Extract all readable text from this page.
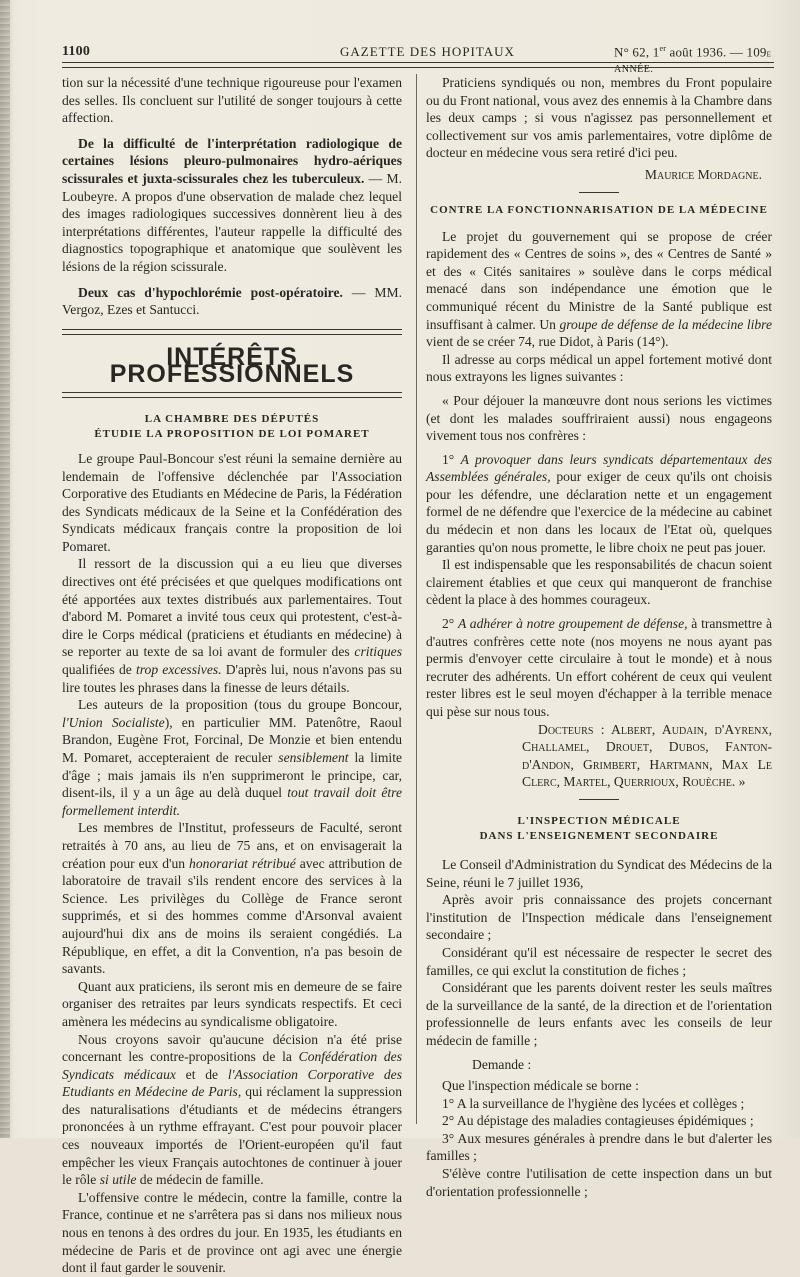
1100	GAZETTE DES HOPITAUX	N° 62, 1er août 1936. — 109e ANNÉE.

tion sur la nécessité d'une technique rigoureuse pour l'examen des selles. Ils concluent sur l'utilité de songer toujours à cette affection.

De la difficulté de l'interprétation radiologique de certaines lésions pleuro-pulmonaires hydro-aériques scissurales et juxta-scissurales chez les tuberculeux. — M. Loubeyre. A propos d'une observation de malade chez lequel des images radiologiques successives donnèrent lieu à des interprétations différentes, l'auteur rappelle la difficulté des diagnostics topographique et anatomique que soulèvent les lésions de la région scissurale.

Deux cas d'hypochlorémie post-opératoire. — MM. Vergoz, Ezes et Santucci.

INTÉRÊTS PROFESSIONNELS
LA CHAMBRE DES DÉPUTÉS
ÉTUDIE LA PROPOSITION DE LOI POMARET

Le groupe Paul-Boncour s'est réuni la semaine dernière au lendemain de l'offensive déclenchée par l'Association Corporative des Etudiants en Médecine de Paris, la Fédération des Syndicats médicaux de la Seine et la Confédération des Syndicats médicaux français contre la proposition de loi Pomaret.

Il ressort de la discussion qui a eu lieu que diverses directives ont été précisées et que quelques modifications ont été apportées aux textes distribués aux parlementaires. Tout d'abord M. Pomaret a invité tous ceux qui protestent, c'est-à-dire le Corps médical (praticiens et étudiants en médecine) à se reporter au texte de sa loi avant de formuler des critiques qualifiées de trop excessives. D'après lui, nous n'avons pas su lire toutes les phrases dans la finesse de leurs détails.

Les auteurs de la proposition (tous du groupe Boncour, l'Union Socialiste), en particulier MM. Patenôtre, Raoul Brandon, Eugène Frot, Forcinal, De Monzie et bien entendu M. Pomaret, accepteraient de reculer sensiblement la limite d'âge ; mais jamais ils n'en supprimeront le principe, car, disent-ils, il y a un âge au delà duquel tout travail doit être formellement interdit.

Les membres de l'Institut, professeurs de Faculté, seront retraités à 70 ans, au lieu de 75 ans, et on envisagerait la création pour eux d'un honorariat rétribué avec attribution de laboratoire de travail s'ils rendent encore des services à la Science. Les privilèges du Collège de France seront supprimés, et si des hommes comme d'Arsonval avaient aujourd'hui dix ans de moins ils seraient congédiés. La République, en effet, a dit la Convention, n'a pas besoin de savants.

Quant aux praticiens, ils seront mis en demeure de se faire organiser des retraites par leurs syndicats respectifs. Et ceci amènera les médecins au syndicalisme obligatoire.

Nous croyons savoir qu'aucune décision n'a été prise concernant les contre-propositions de la Confédération des Syndicats médicaux et de l'Association Corporative des Etudiants en Médecine de Paris, qui réclament la suppression des naturalisations d'étudiants et de médecins étrangers prononcées à un rythme effrayant. C'est pour pouvoir placer ces nouveaux importés de l'Orient-européen qu'il faut empêcher les vieux Français autochtones de continuer à jouer le rôle si utile de médecin de famille.

L'offensive contre le médecin, contre la famille, contre la France, continue et ne s'arrêtera pas si dans nos milieux nous nous en tenons à des ordres du jour. En 1935, les étudiants en médecine de Paris et de province ont agi avec une énergie dont il faut garder le souvenir.

Praticiens syndiqués ou non, membres du Front populaire ou du Front national, vous avez des ennemis à la Chambre dans les deux camps ; si vous n'agissez pas personnellement et collectivement sur vos amis parlementaires, votre diplôme de docteur en médecine vous sera retiré d'ici peu.

Maurice Mordagne.
CONTRE LA FONCTIONNARISATION DE LA MÉDECINE

Le projet du gouvernement qui se propose de créer rapidement des « Centres de soins », des « Centres de Santé » et des « Cités sanitaires » soulève dans le corps médical menacé dans son indépendance une émotion que le communiqué récent du Ministre de la Santé publique est insuffisant à calmer. Un groupe de défense de la médecine libre vient de se créer 74, rue Didot, à Paris (14°).

Il adresse au corps médical un appel fortement motivé dont nous extrayons les lignes suivantes :

« Pour déjouer la manœuvre dont nous serions les victimes (et dont les malades souffriraient aussi) nous engageons vivement tous nos confrères :

1° A provoquer dans leurs syndicats départementaux des Assemblées générales, pour exiger de ceux qu'ils ont choisis pour les défendre, une déclaration nette et un engagement formel de ne défendre que l'exercice de la médecine au cabinet du médecin et non dans les locaux de l'Etat où, quelques garanties qu'on nous promette, le libre choix ne peut pas jouer.

Il est indispensable que les responsabilités de chacun soient clairement établies et que ceux qui manqueront de franchise cèdent la place à des hommes courageux.

2° A adhérer à notre groupement de défense, à transmettre à d'autres confrères cette note (nos moyens ne nous ayant pas permis d'envoyer cette circulaire à tout le monde) et à nous recruter des adhérents. Un effort cohérent de ceux qui veulent rester libres est le seul moyen d'échapper à la terrible menace qui pèse sur nous tous.

Docteurs : Albert, Audain, d'Ayrenx, Challamel, Drouet, Dubos, Fanton-d'Andon, Grimbert, Hartmann, Max Le Clerc, Martel, Querrioux, Rouèche. »

L'INSPECTION MÉDICALE
DANS L'ENSEIGNEMENT SECONDAIRE

Le Conseil d'Administration du Syndicat des Médecins de la Seine, réuni le 7 juillet 1936,

Après avoir pris connaissance des projets concernant l'institution de l'Inspection médicale dans l'enseignement secondaire ;

Considérant qu'il est nécessaire de respecter le secret des familles, ce qui exclut la constitution de fiches ;

Considérant que les parents doivent rester les seuls maîtres de la surveillance de la santé, de la direction et de l'orientation professionnelle de leurs enfants avec les conseils de leur médecin de famille ;

Demande :

Que l'inspection médicale se borne :

1° A la surveillance de l'hygiène des lycées et collèges ;

2° Au dépistage des maladies contagieuses épidémiques ;

3° Aux mesures générales à prendre dans le but d'alerter les familles ;

S'élève contre l'utilisation de cette inspection dans un but d'orientation professionnelle ;
